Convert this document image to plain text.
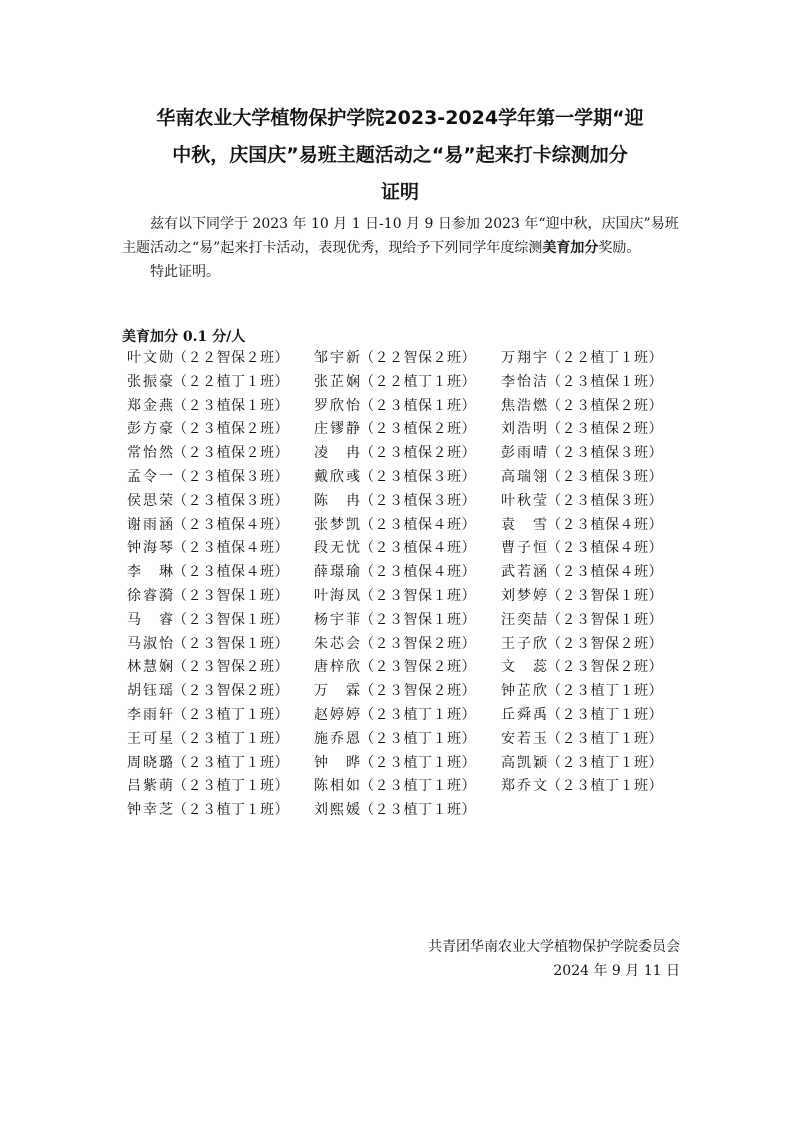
华南农业大学植物保护学院2023-2024学年第一学期“迎
中秋，庆国庆”易班主题活动之“易”起来打卡综测加分
证明
兹有以下同学于 2023 年 10 月 1 日-10 月 9 日参加 2023 年“迎中秋，庆国庆”易班主题活动之“易”起来打卡活动，表现优秀，现给予下列同学年度综测美育加分奖励。
特此证明。
美育加分 0.1 分/人
叶文勋（２２智保２班）	邹宇新（２２智保２班）	万翔宇（２２植丁１班）
张振豪（２２植丁１班）	张芷娴（２２植丁１班）	李怡洁（２３植保１班）
郑金燕（２３植保１班）	罗欣怡（２３植保１班）	焦浩燃（２３植保２班）
彭方豪（２３植保２班）	庄镠静（２３植保２班）	刘浩明（２３植保２班）
常怡然（２３植保２班）	凌　冉（２３植保２班）	彭雨晴（２３植保３班）
孟令一（２３植保３班）	戴欣彧（２３植保３班）	高瑞翎（２３植保３班）
侯思荣（２３植保３班）	陈　冉（２３植保３班）	叶秋莹（２３植保３班）
谢雨涵（２３植保４班）	张梦凯（２３植保４班）	袁　雪（２３植保４班）
钟海琴（２３植保４班）	段无忧（２３植保４班）	曹子恒（２３植保４班）
李　琳（２３植保４班）	薛璟瑜（２３植保４班）	武若涵（２３植保４班）
徐睿漪（２３智保１班）	叶海凤（２３智保１班）	刘梦婷（２３智保１班）
马　睿（２３智保１班）	杨宇菲（２３智保１班）	汪奕喆（２３智保１班）
马淑怡（２３智保１班）	朱芯会（２３智保２班）	王子欣（２３智保２班）
林慧娴（２３智保２班）	唐梓欣（２３智保２班）	文　蕊（２３智保２班）
胡钰瑶（２３智保２班）	万　霖（２３智保２班）	钟芷欣（２３植丁１班）
李雨轩（２３植丁１班）	赵婷婷（２３植丁１班）	丘舜禹（２３植丁１班）
王可星（２３植丁１班）	施乔恩（２３植丁１班）	安若玉（２３植丁１班）
周晓璐（２３植丁１班）	钟　晔（２３植丁１班）	高凯颖（２３植丁１班）
吕紫萌（２３植丁１班）	陈相如（２３植丁１班）	郑乔文（２３植丁１班）
钟幸芝（２３植丁１班）	刘熙媛（２３植丁１班）
共青团华南农业大学植物保护学院委员会
2024 年 9 月 11 日
